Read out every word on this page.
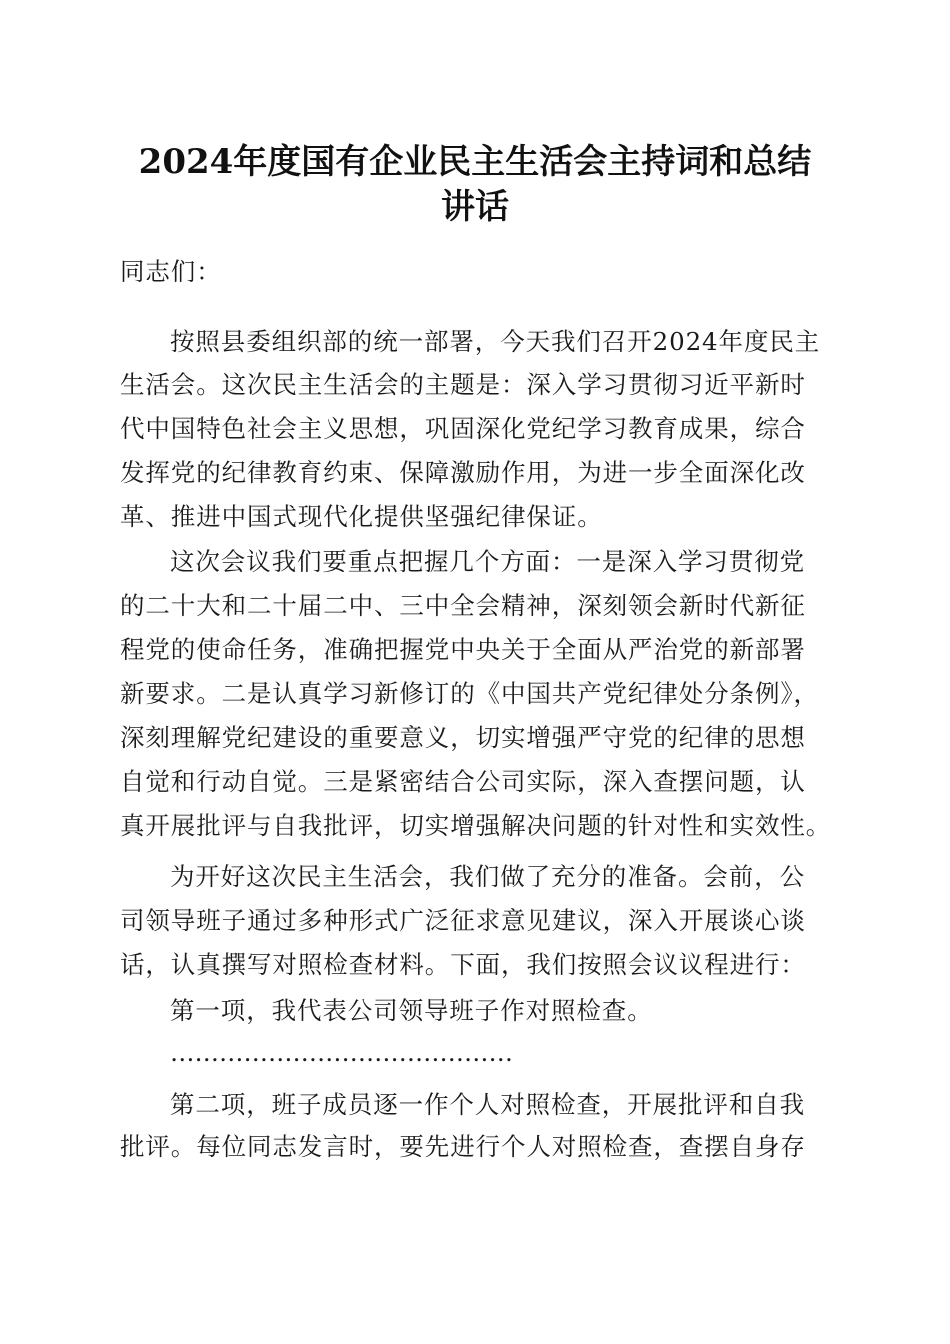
2024年度国有企业民主生活会主持词和总结
讲话
同志们：
按照县委组织部的统一部署，今天我们召开2024年度民主
生活会。这次民主生活会的主题是：深入学习贯彻习近平新时
代中国特色社会主义思想，巩固深化党纪学习教育成果，综合
发挥党的纪律教育约束、保障激励作用，为进一步全面深化改
革、推进中国式现代化提供坚强纪律保证。
这次会议我们要重点把握几个方面：一是深入学习贯彻党
的二十大和二十届二中、三中全会精神，深刻领会新时代新征
程党的使命任务，准确把握党中央关于全面从严治党的新部署
新要求。二是认真学习新修订的《中国共产党纪律处分条例》，
深刻理解党纪建设的重要意义，切实增强严守党的纪律的思想
自觉和行动自觉。三是紧密结合公司实际，深入查摆问题，认
真开展批评与自我批评，切实增强解决问题的针对性和实效性。
为开好这次民主生活会，我们做了充分的准备。会前，公
司领导班子通过多种形式广泛征求意见建议，深入开展谈心谈
话，认真撰写对照检查材料。下面，我们按照会议议程进行：
第一项，我代表公司领导班子作对照检查。
……………………………………
第二项，班子成员逐一作个人对照检查，开展批评和自我
批评。每位同志发言时，要先进行个人对照检查，查摆自身存
